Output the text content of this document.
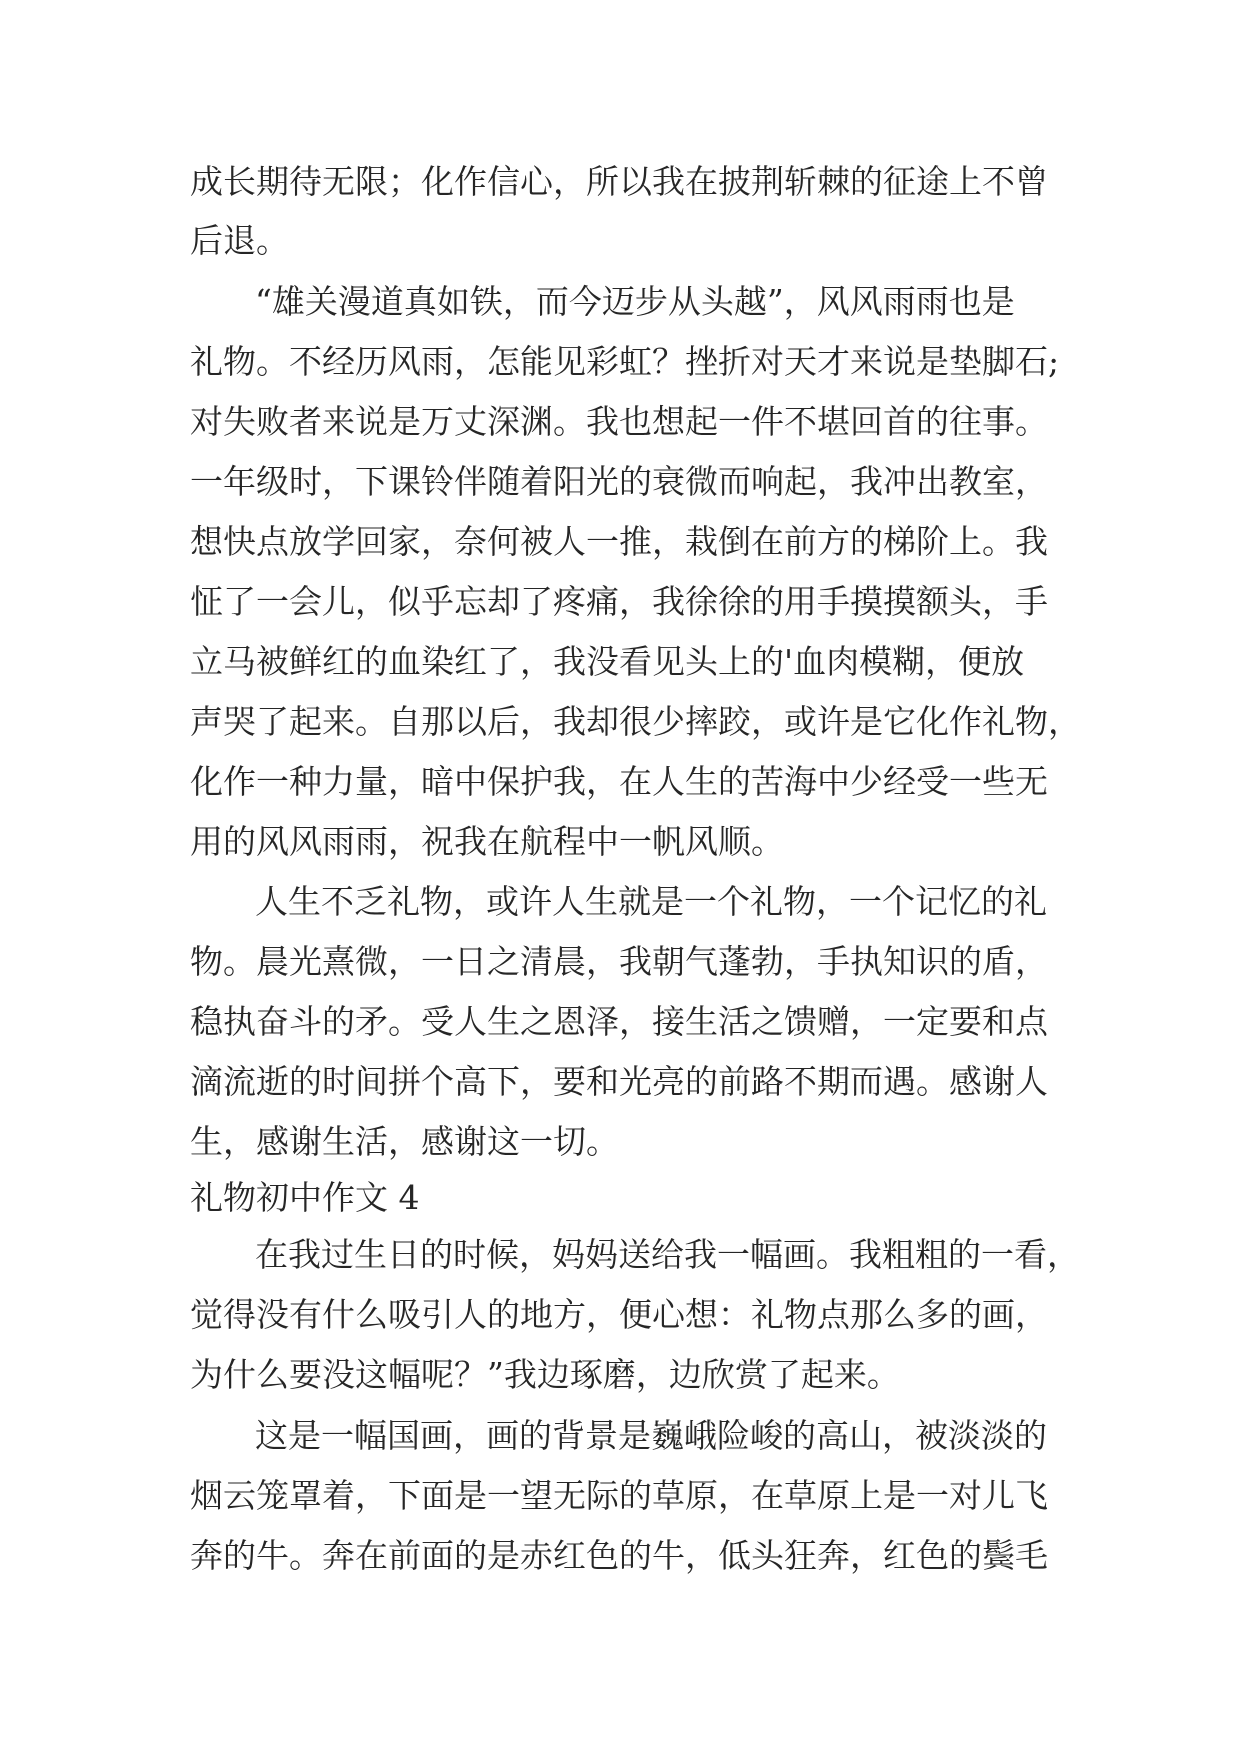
成长期待无限；化作信心，所以我在披荆斩棘的征途上不曾
后退。
“雄关漫道真如铁，而今迈步从头越”，风风雨雨也是
礼物。不经历风雨，怎能见彩虹？挫折对天才来说是垫脚石;
对失败者来说是万丈深渊。我也想起一件不堪回首的往事。
一年级时，下课铃伴随着阳光的衰微而响起，我冲出教室，
想快点放学回家，奈何被人一推，栽倒在前方的梯阶上。我
怔了一会儿，似乎忘却了疼痛，我徐徐的用手摸摸额头，手
立马被鲜红的血染红了，我没看见头上的'血肉模糊，便放
声哭了起来。自那以后，我却很少摔跤，或许是它化作礼物，
化作一种力量，暗中保护我，在人生的苦海中少经受一些无
用的风风雨雨，祝我在航程中一帆风顺。
人生不乏礼物，或许人生就是一个礼物，一个记忆的礼
物。晨光熹微，一日之清晨，我朝气蓬勃，手执知识的盾，
稳执奋斗的矛。受人生之恩泽，接生活之馈赠，一定要和点
滴流逝的时间拼个高下，要和光亮的前路不期而遇。感谢人
生，感谢生活，感谢这一切。
礼物初中作文 4
在我过生日的时候，妈妈送给我一幅画。我粗粗的一看，
觉得没有什么吸引人的地方，便心想：礼物点那么多的画，
为什么要没这幅呢？”我边琢磨，边欣赏了起来。
这是一幅国画，画的背景是巍峨险峻的高山，被淡淡的
烟云笼罩着，下面是一望无际的草原，在草原上是一对儿飞
奔的牛。奔在前面的是赤红色的牛，低头狂奔，红色的鬓毛
